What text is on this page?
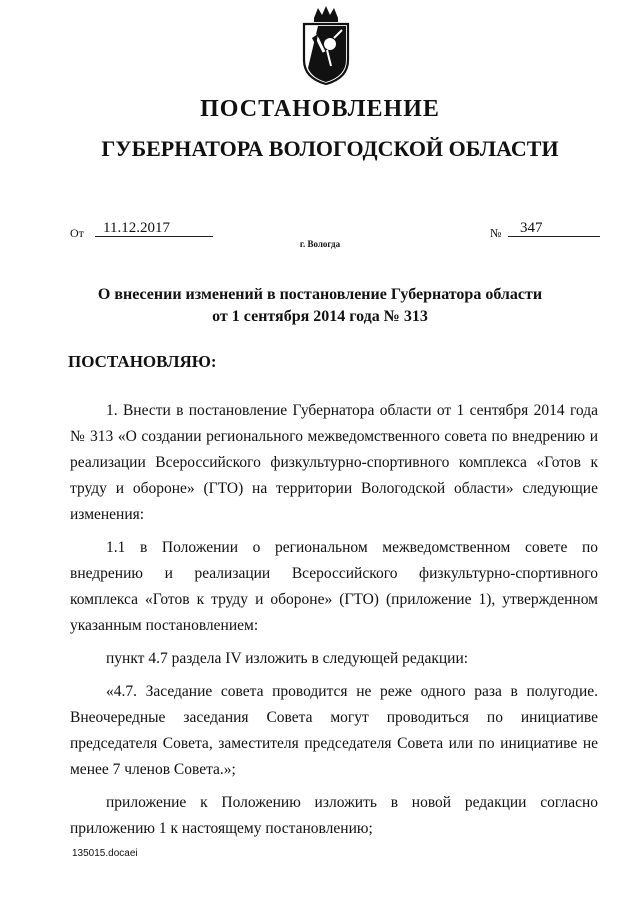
ПОСТАНОВЛЕНИЕ
ГУБЕРНАТОРА ВОЛОГОДСКОЙ ОБЛАСТИ
От	11.12.2017	№	347
г. Вологда
О внесении изменений в постановление Губернатора области
от 1 сентября 2014 года № 313

ПОСТАНОВЛЯЮ:

1. Внести в постановление Губернатора области от 1 сентября 2014 года № 313 «О создании регионального межведомственного совета по внедрению и реализации Всероссийского физкультурно-спортивного комплекса «Готов к труду и обороне» (ГТО) на территории Вологодской области» следующие изменения:

1.1 в Положении о региональном межведомственном совете по внедрению и реализации Всероссийского физкультурно-спортивного комплекса «Готов к труду и обороне» (ГТО) (приложение 1), утвержденном указанным постановлением:

пункт 4.7 раздела IV изложить в следующей редакции:

«4.7. Заседание совета проводится не реже одного раза в полугодие. Внеочередные заседания Совета могут проводиться по инициативе председателя Совета, заместителя председателя Совета или по инициативе не менее 7 членов Совета.»;

приложение к Положению изложить в новой редакции согласно приложению 1 к настоящему постановлению;

135015.docaei
